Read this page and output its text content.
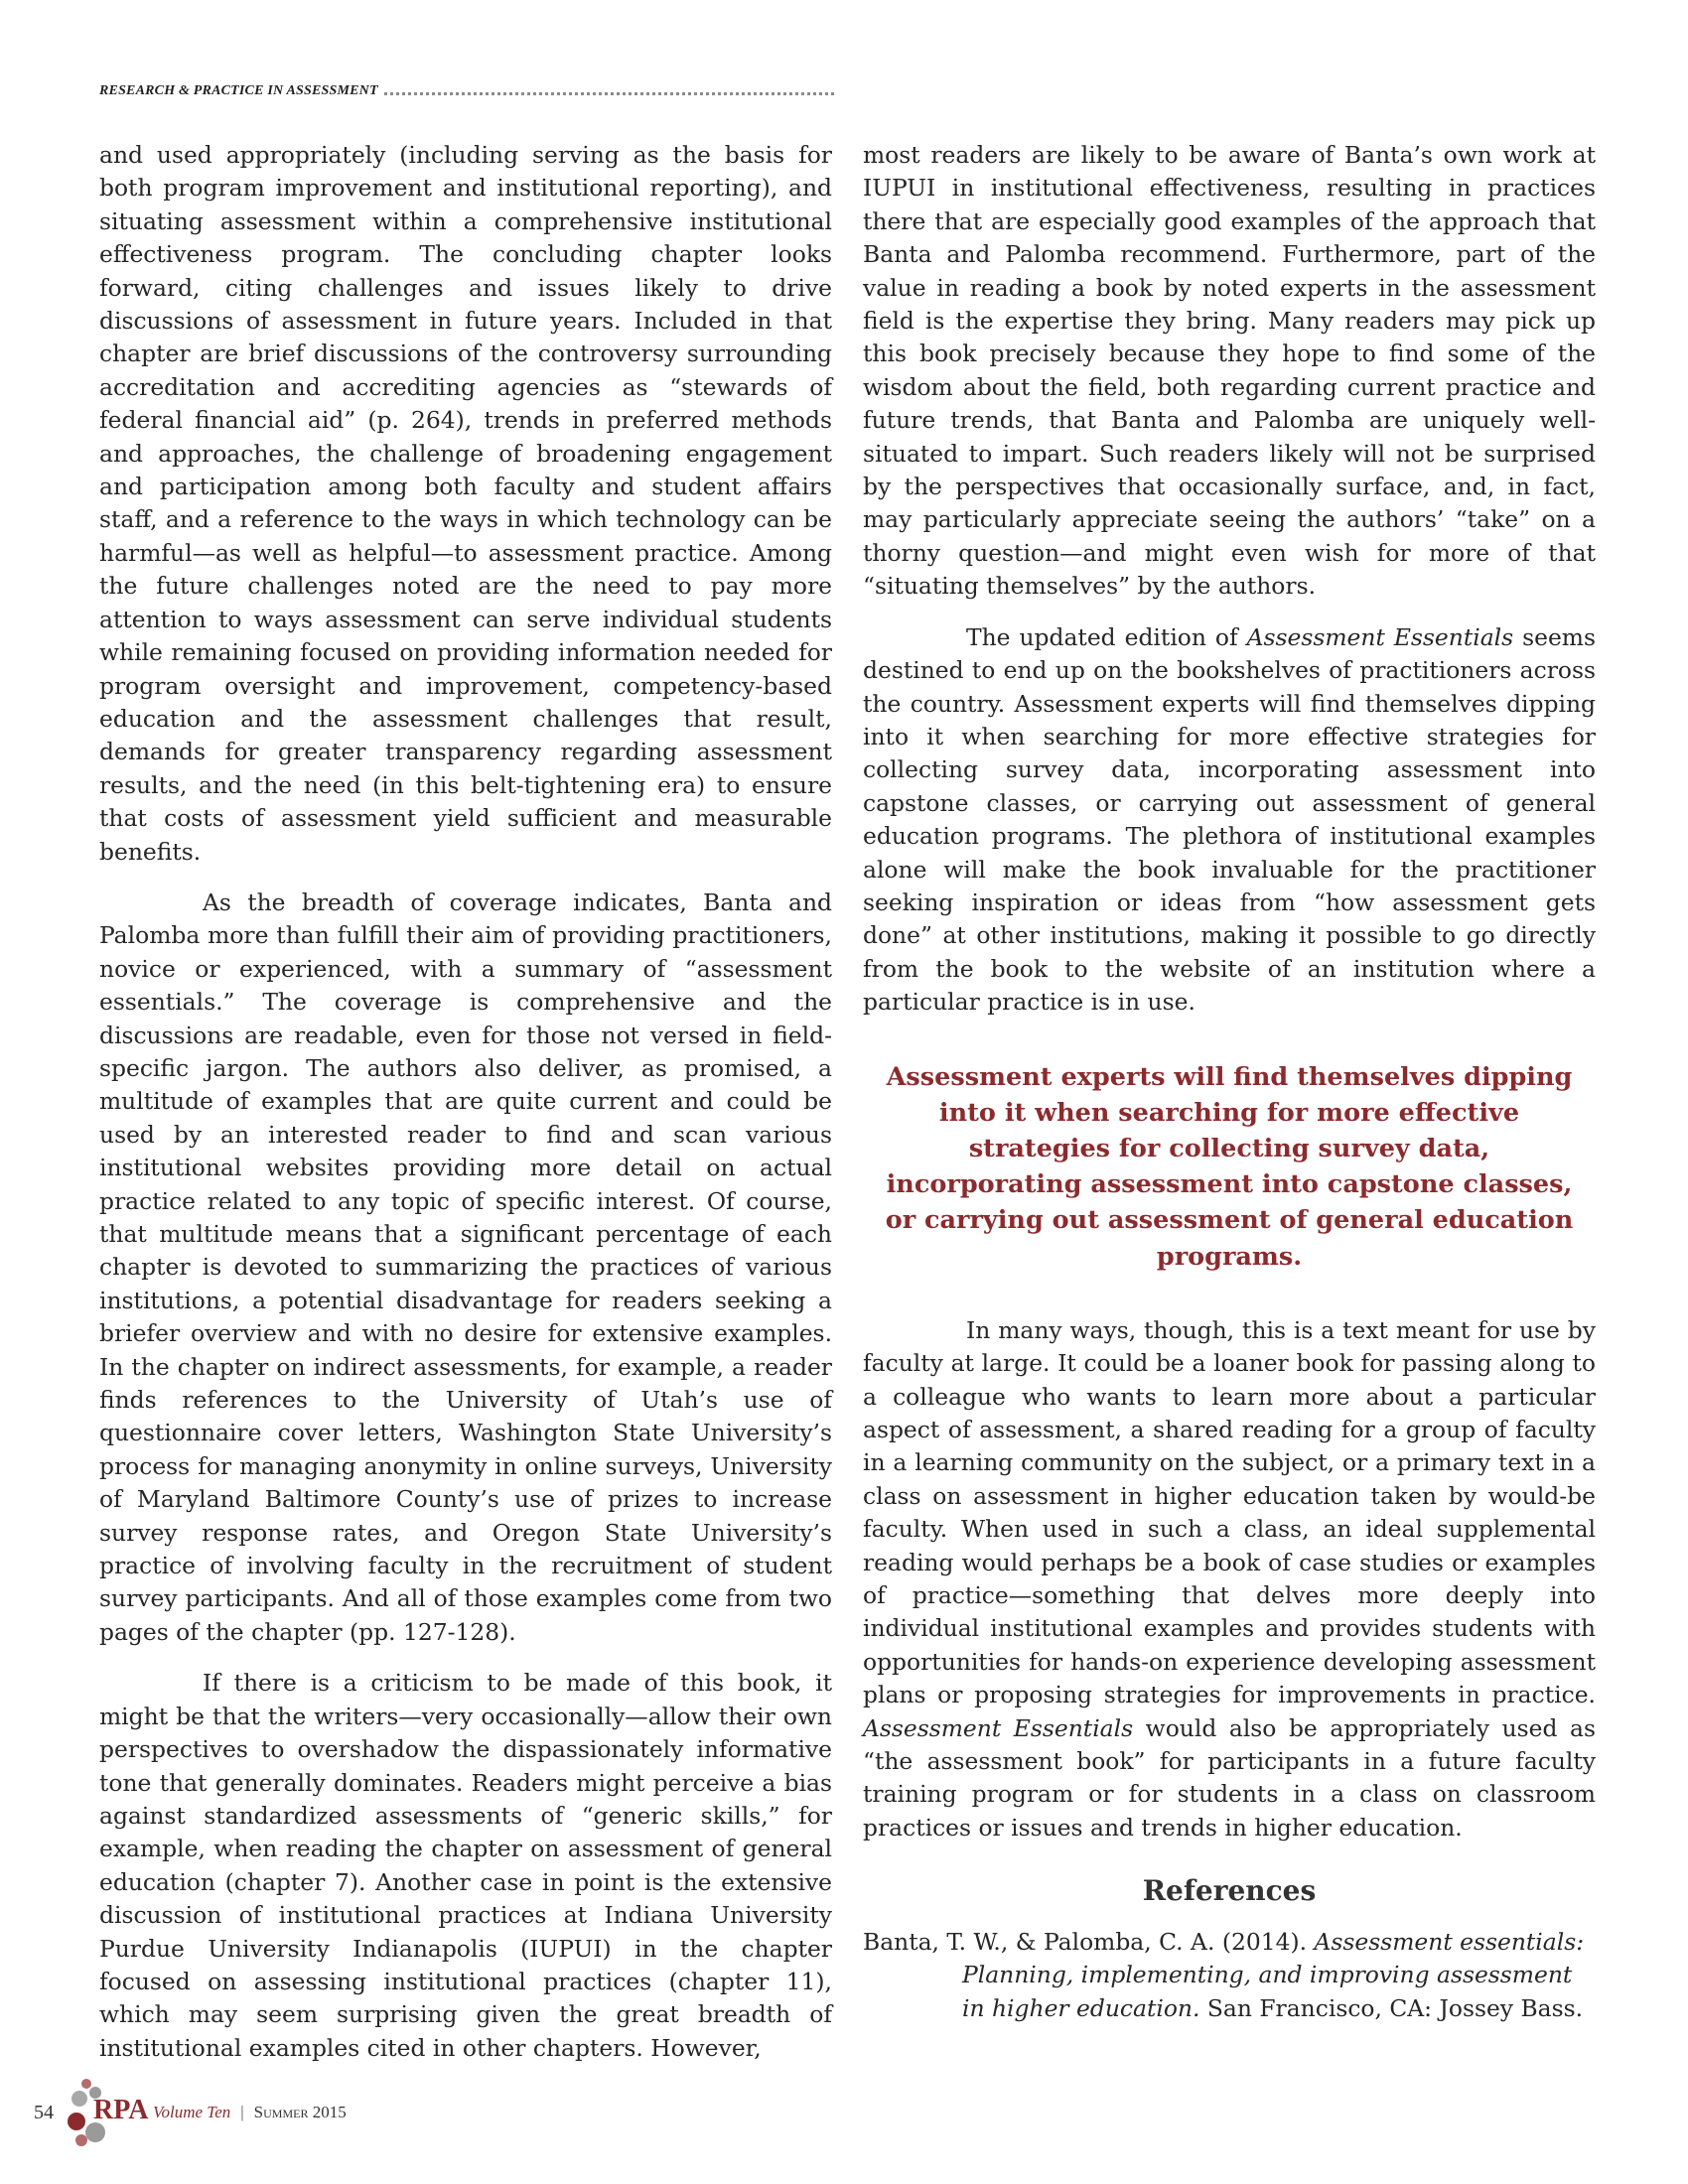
RESEARCH & PRACTICE IN ASSESSMENT

and used appropriately (including serving as the basis for both program improvement and institutional reporting), and situating assessment within a comprehensive institutional effectiveness program. The concluding chapter looks forward, citing challenges and issues likely to drive discussions of assessment in future years. Included in that chapter are brief discussions of the controversy surrounding accreditation and accrediting agencies as “stewards of federal financial aid” (p. 264), trends in preferred methods and approaches, the challenge of broadening engagement and participation among both faculty and student affairs staff, and a reference to the ways in which technology can be harmful—as well as helpful—to assessment practice. Among the future challenges noted are the need to pay more attention to ways assessment can serve individual students while remaining focused on providing information needed for program oversight and improvement, competency-based education and the assessment challenges that result, demands for greater transparency regarding assessment results, and the need (in this belt-tightening era) to ensure that costs of assessment yield sufficient and measurable benefits.

As the breadth of coverage indicates, Banta and Palomba more than fulfill their aim of providing practitioners, novice or experienced, with a summary of “assessment essentials.” The coverage is comprehensive and the discussions are readable, even for those not versed in field-specific jargon. The authors also deliver, as promised, a multitude of examples that are quite current and could be used by an interested reader to find and scan various institutional websites providing more detail on actual practice related to any topic of specific interest. Of course, that multitude means that a significant percentage of each chapter is devoted to summarizing the practices of various institutions, a potential disadvantage for readers seeking a briefer overview and with no desire for extensive examples. In the chapter on indirect assessments, for example, a reader finds references to the University of Utah’s use of questionnaire cover letters, Washington State University’s process for managing anonymity in online surveys, University of Maryland Baltimore County’s use of prizes to increase survey response rates, and Oregon State University’s practice of involving faculty in the recruitment of student survey participants. And all of those examples come from two pages of the chapter (pp. 127-128).

If there is a criticism to be made of this book, it might be that the writers—very occasionally—allow their own perspectives to overshadow the dispassionately informative tone that generally dominates. Readers might perceive a bias against standardized assessments of “generic skills,” for example, when reading the chapter on assessment of general education (chapter 7). Another case in point is the extensive discussion of institutional practices at Indiana University Purdue University Indianapolis (IUPUI) in the chapter focused on assessing institutional practices (chapter 11), which may seem surprising given the great breadth of institutional examples cited in other chapters. However,

most readers are likely to be aware of Banta’s own work at IUPUI in institutional effectiveness, resulting in practices there that are especially good examples of the approach that Banta and Palomba recommend. Furthermore, part of the value in reading a book by noted experts in the assessment field is the expertise they bring. Many readers may pick up this book precisely because they hope to find some of the wisdom about the field, both regarding current practice and future trends, that Banta and Palomba are uniquely well-situated to impart. Such readers likely will not be surprised by the perspectives that occasionally surface, and, in fact, may particularly appreciate seeing the authors’ “take” on a thorny question—and might even wish for more of that “situating themselves” by the authors.

The updated edition of Assessment Essentials seems destined to end up on the bookshelves of practitioners across the country. Assessment experts will find themselves dipping into it when searching for more effective strategies for collecting survey data, incorporating assessment into capstone classes, or carrying out assessment of general education programs. The plethora of institutional examples alone will make the book invaluable for the practitioner seeking inspiration or ideas from “how assessment gets done” at other institutions, making it possible to go directly from the book to the website of an institution where a particular practice is in use.

Assessment experts will find themselves dipping into it when searching for more effective strategies for collecting survey data, incorporating assessment into capstone classes, or carrying out assessment of general education programs.

In many ways, though, this is a text meant for use by faculty at large. It could be a loaner book for passing along to a colleague who wants to learn more about a particular aspect of assessment, a shared reading for a group of faculty in a learning community on the subject, or a primary text in a class on assessment in higher education taken by would-be faculty. When used in such a class, an ideal supplemental reading would perhaps be a book of case studies or examples of practice—something that delves more deeply into individual institutional examples and provides students with opportunities for hands-on experience developing assessment plans or proposing strategies for improvements in practice. Assessment Essentials would also be appropriately used as “the assessment book” for participants in a future faculty training program or for students in a class on classroom practices or issues and trends in higher education.

References

Banta, T. W., & Palomba, C. A. (2014). Assessment essentials: Planning, implementing, and improving assessment in higher education. San Francisco, CA: Jossey Bass.

54 RPA Volume Ten | Summer 2015
